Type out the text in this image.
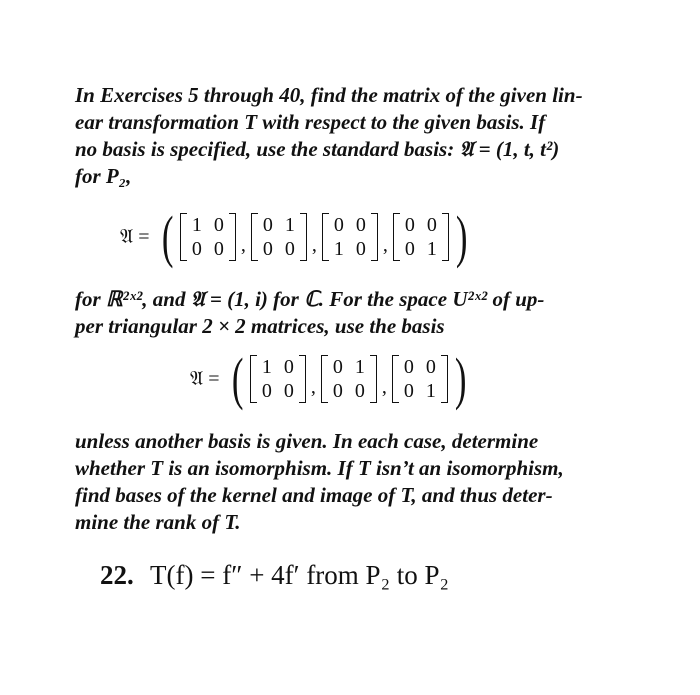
In Exercises 5 through 40, find the matrix of the given lin-
ear transformation T with respect to the given basis. If
no basis is specified, use the standard basis: 𝔄 = (1, t, t²)
for P₂,
𝔄 = ( 1 0
0 0 ,
0 1
0 0 ,
0 0
1 0 ,
0 0
0 1 )
for ℝ²ˣ², and 𝔄 = (1, i) for ℂ. For the space U²ˣ² of up-
per triangular 2 × 2 matrices, use the basis
𝔄 = ( 1 0
0 0 ,
0 1
0 0 ,
0 0
0 1 )
unless another basis is given. In each case, determine
whether T is an isomorphism. If T isn’t an isomorphism,
find bases of the kernel and image of T, and thus deter-
mine the rank of T.
22. T(f) = f″ + 4f′ from P₂ to P₂
